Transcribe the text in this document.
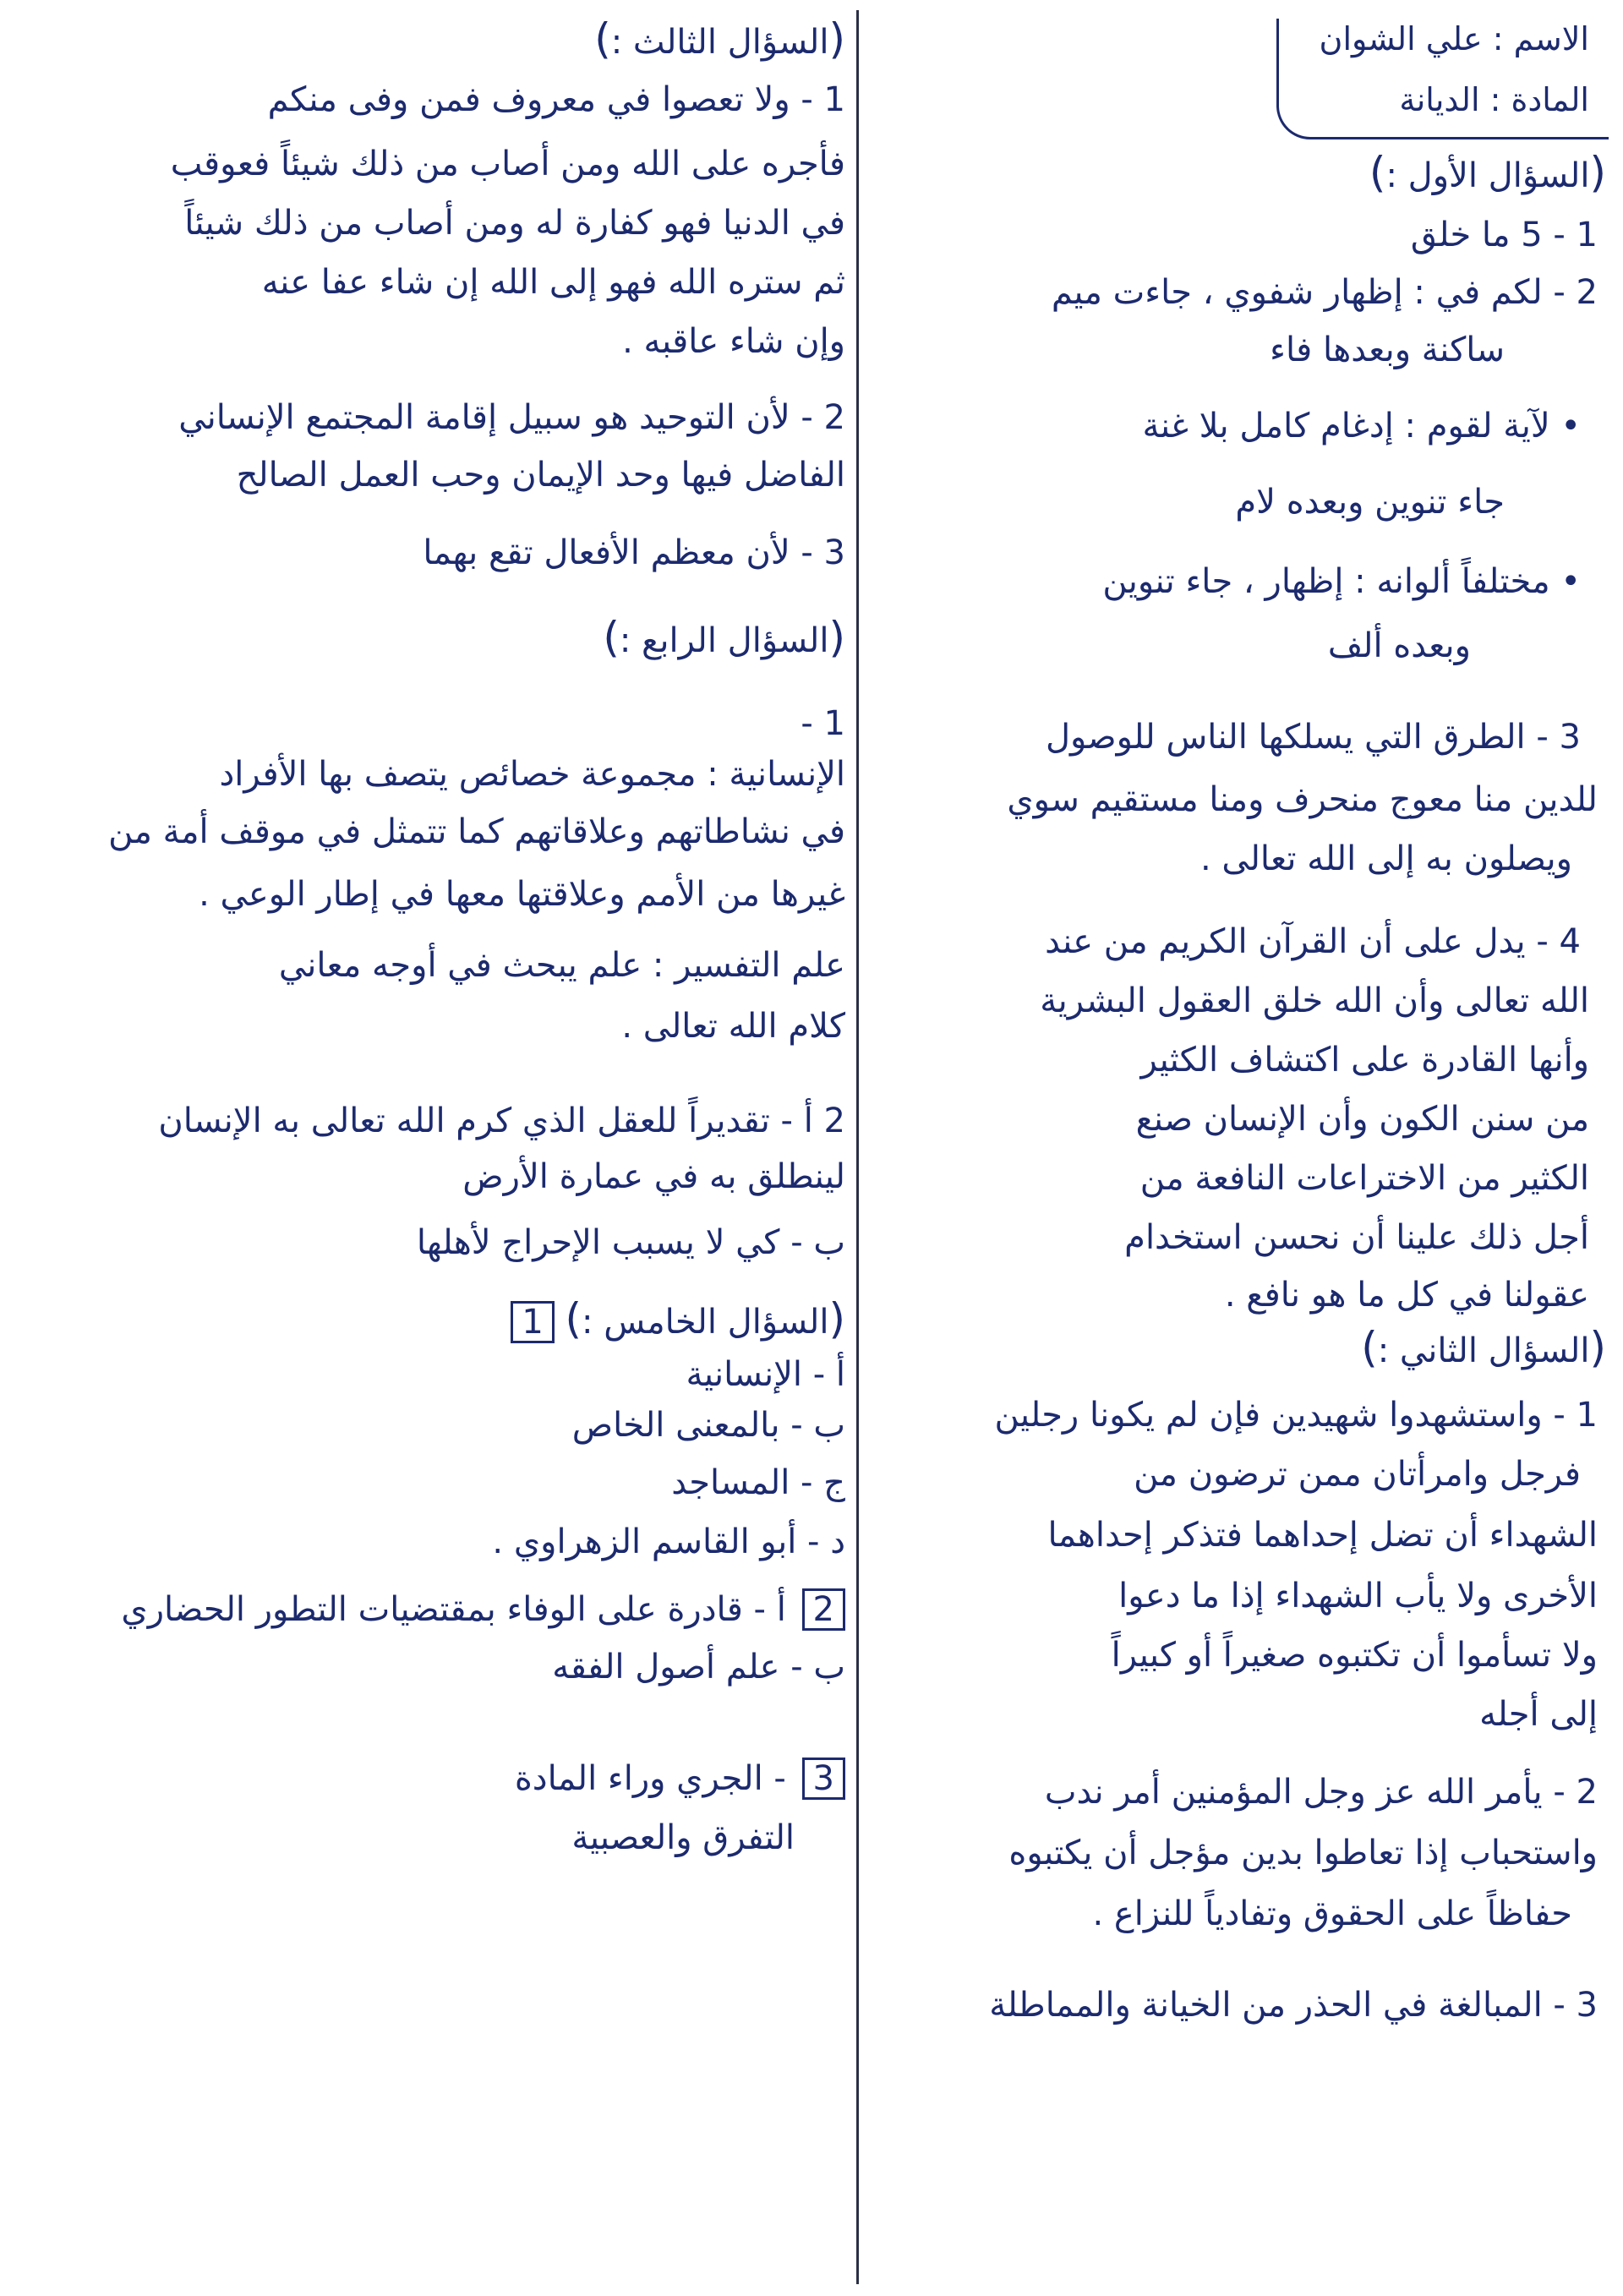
الاسم : علي الشوان
المادة : الديانة
(السؤال الأول :)
1 - 5 ما خلق
2 - لكم في : إظهار شفوي ، جاءت ميم
ساكنة وبعدها فاء
• لآية لقوم : إدغام كامل بلا غنة
جاء تنوين وبعده لام
• مختلفاً ألوانه : إظهار ، جاء تنوين
وبعده ألف
3 - الطرق التي يسلكها الناس للوصول
للدين منا معوج منحرف ومنا مستقيم سوي
ويصلون به إلى الله تعالى .
4 - يدل على أن القرآن الكريم من عند
الله تعالى وأن الله خلق العقول البشرية
وأنها القادرة على اكتشاف الكثير
من سنن الكون وأن الإنسان صنع
الكثير من الاختراعات النافعة من
أجل ذلك علينا أن نحسن استخدام
عقولنا في كل ما هو نافع .
(السؤال الثاني :)
1 - واستشهدوا شهيدين فإن لم يكونا رجلين
فرجل وامرأتان ممن ترضون من
الشهداء أن تضل إحداهما فتذكر إحداهما
الأخرى ولا يأب الشهداء إذا ما دعوا
ولا تسأموا أن تكتبوه صغيراً أو كبيراً
إلى أجله
2 - يأمر الله عز وجل المؤمنين أمر ندب
واستحباب إذا تعاطوا بدين مؤجل أن يكتبوه
حفاظاً على الحقوق وتفادياً للنزاع .
3 - المبالغة في الحذر من الخيانة والمماطلة
(السؤال الثالث :)
1 - ولا تعصوا في معروف فمن وفى منكم
فأجره على الله ومن أصاب من ذلك شيئاً فعوقب
في الدنيا فهو كفارة له ومن أصاب من ذلك شيئاً
ثم ستره الله فهو إلى الله إن شاء عفا عنه
وإن شاء عاقبه .
2 - لأن التوحيد هو سبيل إقامة المجتمع الإنساني
الفاضل فيها وحد الإيمان وحب العمل الصالح
3 - لأن معظم الأفعال تقع بهما
(السؤال الرابع :)
1 -
الإنسانية : مجموعة خصائص يتصف بها الأفراد
في نشاطاتهم وعلاقاتهم كما تتمثل في موقف أمة من
غيرها من الأمم وعلاقتها معها في إطار الوعي .
علم التفسير : علم يبحث في أوجه معاني
كلام الله تعالى .
2 أ - تقديراً للعقل الذي كرم الله تعالى به الإنسان
لينطلق به في عمارة الأرض
ب - كي لا يسبب الإحراج لأهلها
(السؤال الخامس :) 1
أ - الإنسانية
ب - بالمعنى الخاص
ج - المساجد
د - أبو القاسم الزهراوي .
2 أ - قادرة على الوفاء بمقتضيات التطور الحضاري
ب - علم أصول الفقه
3 - الجري وراء المادة
التفرق والعصبية
